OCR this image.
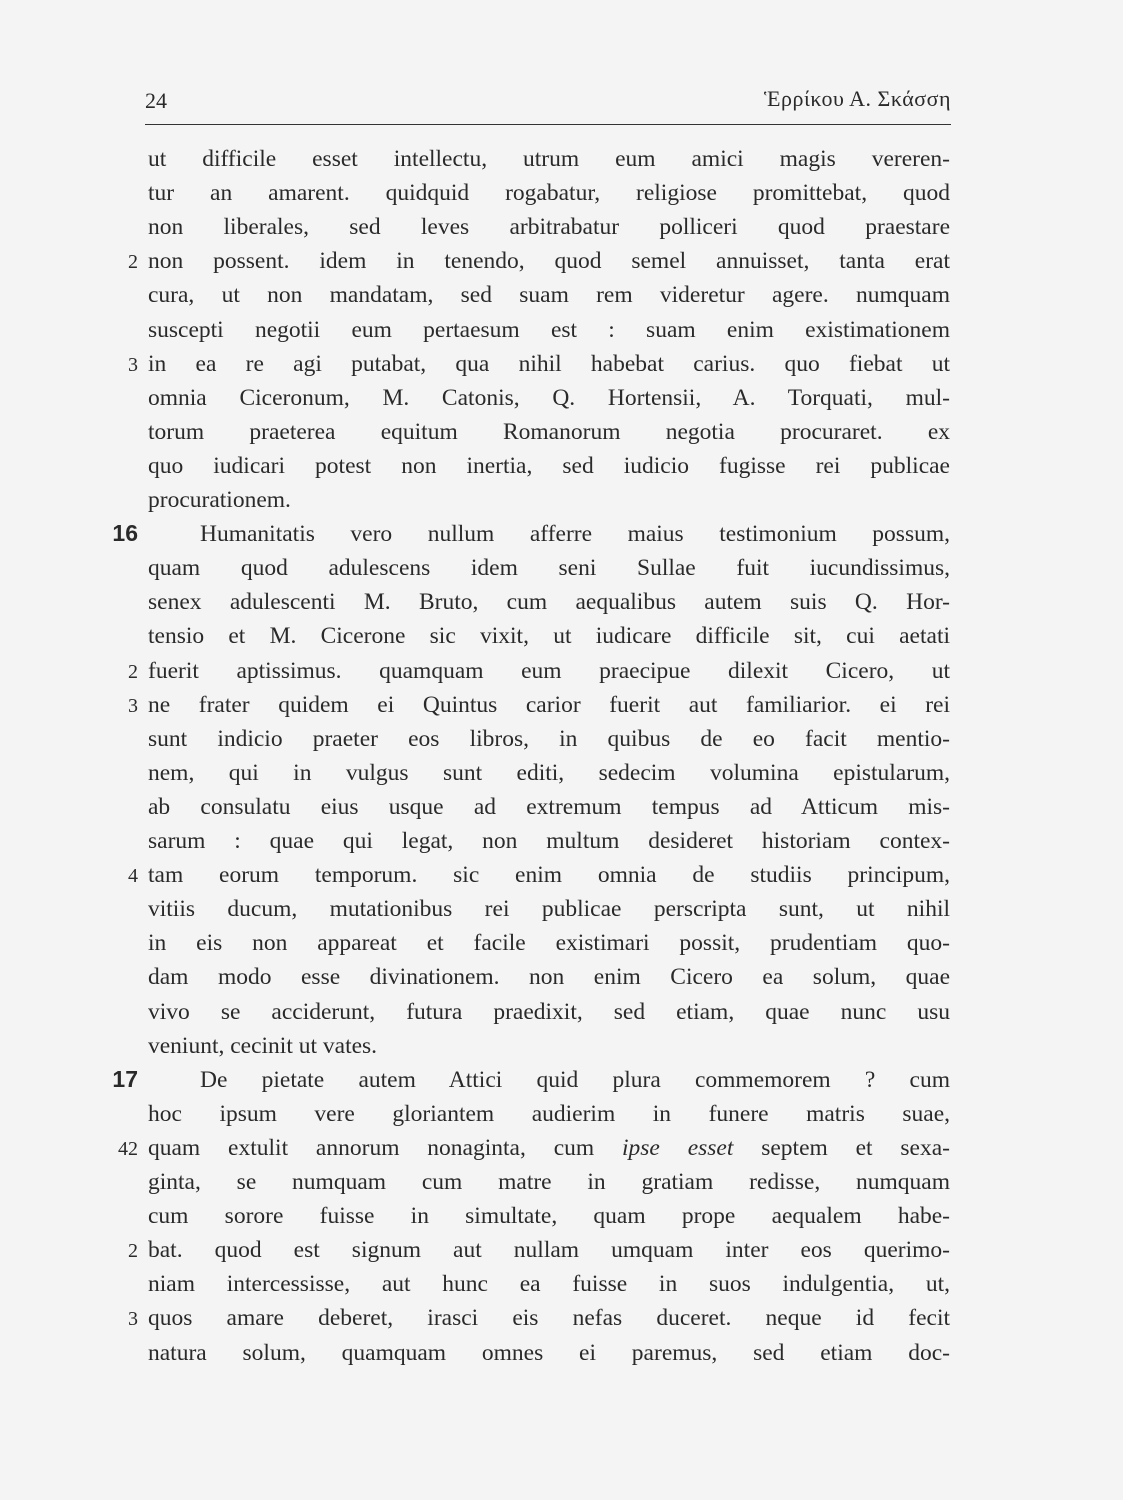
24	Ἑρρίκου Α. Σκάσση
ut difficile esset intellectu, utrum eum amici magis vereren-
tur an amarent. quidquid rogabatur, religiose promittebat, quod
non liberales, sed leves arbitrabatur polliceri quod praestare
2 non possent. idem in tenendo, quod semel annuisset, tanta erat
cura, ut non mandatam, sed suam rem videretur agere. numquam
suscepti negotii eum pertaesum est : suam enim existimationem
3 in ea re agi putabat, qua nihil habebat carius. quo fiebat ut
omnia Ciceronum, M. Catonis, Q. Hortensii, A. Torquati, mul-
torum praeterea equitum Romanorum negotia procuraret. ex
quo iudicari potest non inertia, sed iudicio fugisse rei publicae
procurationem.
16	Humanitatis vero nullum afferre maius testimonium possum,
quam quod adulescens idem seni Sullae fuit iucundissimus,
senex adulescenti M. Bruto, cum aequalibus autem suis Q. Hor-
tensio et M. Cicerone sic vixit, ut iudicare difficile sit, cui aetati
2 fuerit aptissimus. quamquam eum praecipue dilexit Cicero, ut
3 ne frater quidem ei Quintus carior fuerit aut familiarior. ei rei
sunt indicio praeter eos libros, in quibus de eo facit mentio-
nem, qui in vulgus sunt editi, sedecim volumina epistularum,
ab consulatu eius usque ad extremum tempus ad Atticum mis-
sarum : quae qui legat, non multum desideret historiam contex-
4 tam eorum temporum. sic enim omnia de studiis principum,
vitiis ducum, mutationibus rei publicae perscripta sunt, ut nihil
in eis non appareat et facile existimari possit, prudentiam quo-
dam modo esse divinationem. non enim Cicero ea solum, quae
vivo se acciderunt, futura praedixit, sed etiam, quae nunc usu
veniunt, cecinit ut vates.
17	De pietate autem Attici quid plura commemorem ? cum
hoc ipsum vere gloriantem audierim in funere matris suae,
42 quam extulit annorum nonaginta, cum ipse esset septem et sexa-
ginta, se numquam cum matre in gratiam redisse, numquam
cum sorore fuisse in simultate, quam prope aequalem habe-
2 bat. quod est signum aut nullam umquam inter eos querimo-
niam intercessisse, aut hunc ea fuisse in suos indulgentia, ut,
3 quos amare deberet, irasci eis nefas duceret. neque id fecit
natura solum, quamquam omnes ei paremus, sed etiam doc-
